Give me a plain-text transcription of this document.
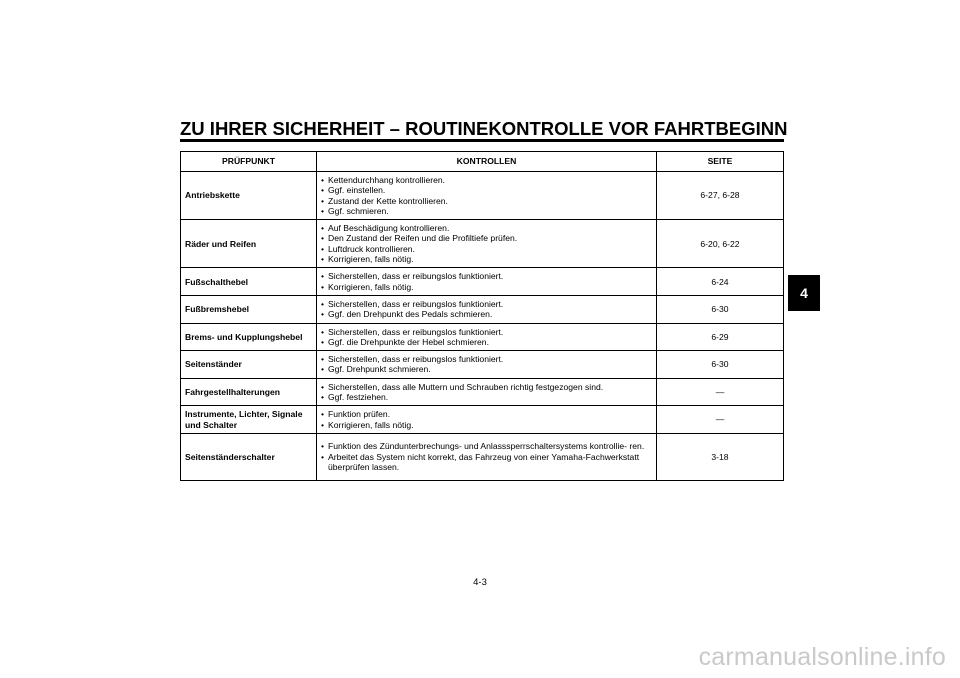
ZU IHRER SICHERHEIT – ROUTINEKONTROLLE VOR FAHRTBEGINN
4
PRÜFPUNKT	KONTROLLEN	SEITE
Antriebskette	• Kettendurchhang kontrollieren.
• Ggf. einstellen.
• Zustand der Kette kontrollieren.
• Ggf. schmieren.	6-27, 6-28
Räder und Reifen	• Auf Beschädigung kontrollieren.
• Den Zustand der Reifen und die Profiltiefe prüfen.
• Luftdruck kontrollieren.
• Korrigieren, falls nötig.	6-20, 6-22
Fußschalthebel	• Sicherstellen, dass er reibungslos funktioniert.
• Korrigieren, falls nötig.	6-24
Fußbremshebel	• Sicherstellen, dass er reibungslos funktioniert.
• Ggf. den Drehpunkt des Pedals schmieren.	6-30
Brems- und Kupplungshebel	• Sicherstellen, dass er reibungslos funktioniert.
• Ggf. die Drehpunkte der Hebel schmieren.	6-29
Seitenständer	• Sicherstellen, dass er reibungslos funktioniert.
• Ggf. Drehpunkt schmieren.	6-30
Fahrgestellhalterungen	• Sicherstellen, dass alle Muttern und Schrauben richtig festgezogen sind.
• Ggf. festziehen.	—
Instrumente, Lichter, Signale und Schalter	• Funktion prüfen.
• Korrigieren, falls nötig.	—
Seitenständerschalter	• Funktion des Zündunterbrechungs- und Anlasssperrschaltersystems kontrollie- ren.
• Arbeitet das System nicht korrekt, das Fahrzeug von einer Yamaha-Fachwerkstatt überprüfen lassen.	3-18
4-3
carmanualsonline.info
